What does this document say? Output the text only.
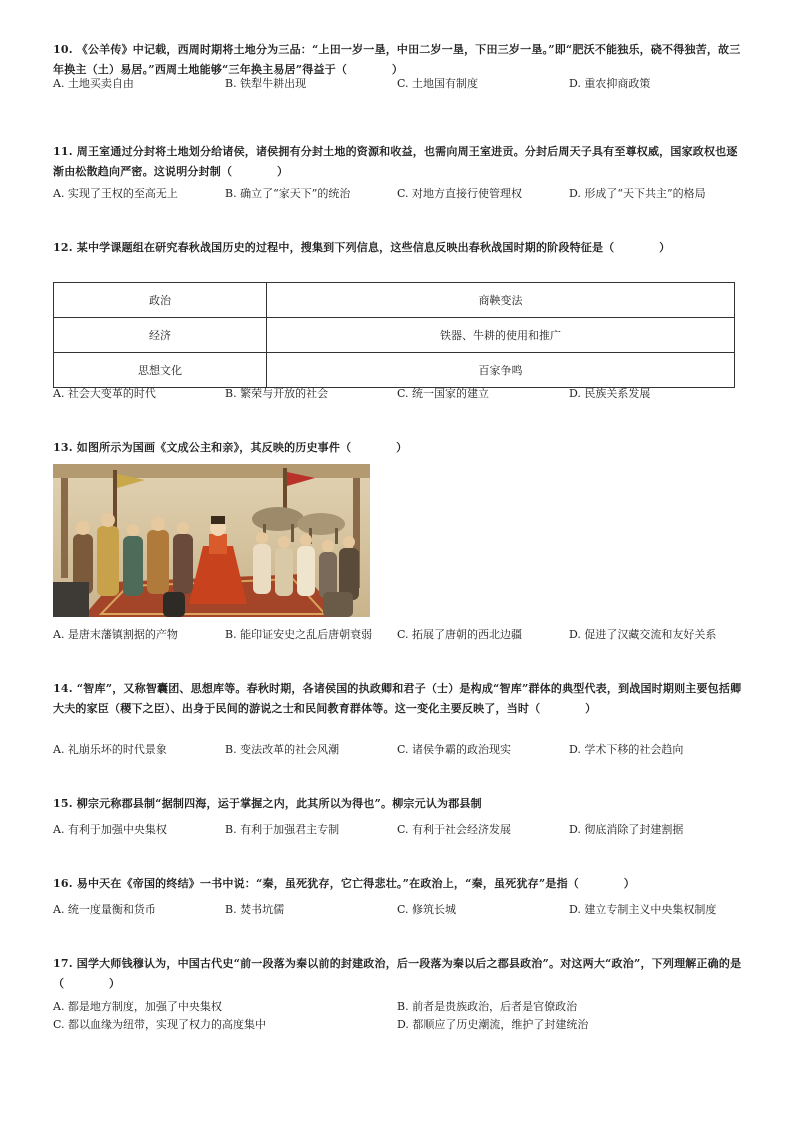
10. 《公羊传》中记载，西周时期将土地分为三品：“上田一岁一垦，中田二岁一垦，下田三岁一垦。”即“肥沃不能独乐，硗不得独苦，故三年换主（土）易居。”西周土地能够“三年换主易居”得益于（　　　　）
A. 土地买卖自由	B. 铁犁牛耕出现	C. 土地国有制度	D. 重农抑商政策
11. 周王室通过分封将土地划分给诸侯，诸侯拥有分封土地的资源和收益，也需向周王室进贡。分封后周天子具有至尊权威，国家政权也逐渐由松散趋向严密。这说明分封制（　　　　）
A. 实现了王权的至高无上	B. 确立了“家天下”的统治	C. 对地方直接行使管理权	D. 形成了“天下共主”的格局
12. 某中学课题组在研究春秋战国历史的过程中，搜集到下列信息，这些信息反映出春秋战国时期的阶段特征是（　　　　）
政治	商鞅变法
经济	铁器、牛耕的使用和推广
思想文化	百家争鸣
A. 社会大变革的时代	B. 繁荣与开放的社会	C. 统一国家的建立	D. 民族关系发展
13. 如图所示为国画《文成公主和亲》，其反映的历史事件（　　　　）
A. 是唐末藩镇割据的产物	B. 能印证安史之乱后唐朝衰弱 C. 拓展了唐朝的西北边疆	D. 促进了汉藏交流和友好关系
14. “智库”，又称智囊团、思想库等。春秋时期，各诸侯国的执政卿和君子（士）是构成“智库”群体的典型代表，到战国时期则主要包括卿大夫的家臣（稷下之臣）、出身于民间的游说之士和民间教育群体等。这一变化主要反映了，当时（　　　　）
A. 礼崩乐坏的时代景象	B. 变法改革的社会风潮	C. 诸侯争霸的政治现实	D. 学术下移的社会趋向
15. 柳宗元称郡县制“据制四海，运于掌握之内，此其所以为得也”。柳宗元认为郡县制
A. 有利于加强中央集权	B. 有利于加强君主专制	C. 有利于社会经济发展	D. 彻底消除了封建割据
16. 易中天在《帝国的终结》一书中说：“秦，虽死犹存，它亡得悲壮。”在政治上，“秦，虽死犹存”是指（　　　　）
A. 统一度量衡和货币	B. 焚书坑儒	C. 修筑长城	D. 建立专制主义中央集权制度
17. 国学大师钱穆认为，中国古代史“前一段落为秦以前的封建政治，后一段落为秦以后之郡县政治”。对这两大“政治”，下列理解正确的是（　　　　）
A. 都是地方制度，加强了中央集权	B. 前者是贵族政治，后者是官僚政治
C. 都以血缘为纽带，实现了权力的高度集中	D. 都顺应了历史潮流，维护了封建统治
